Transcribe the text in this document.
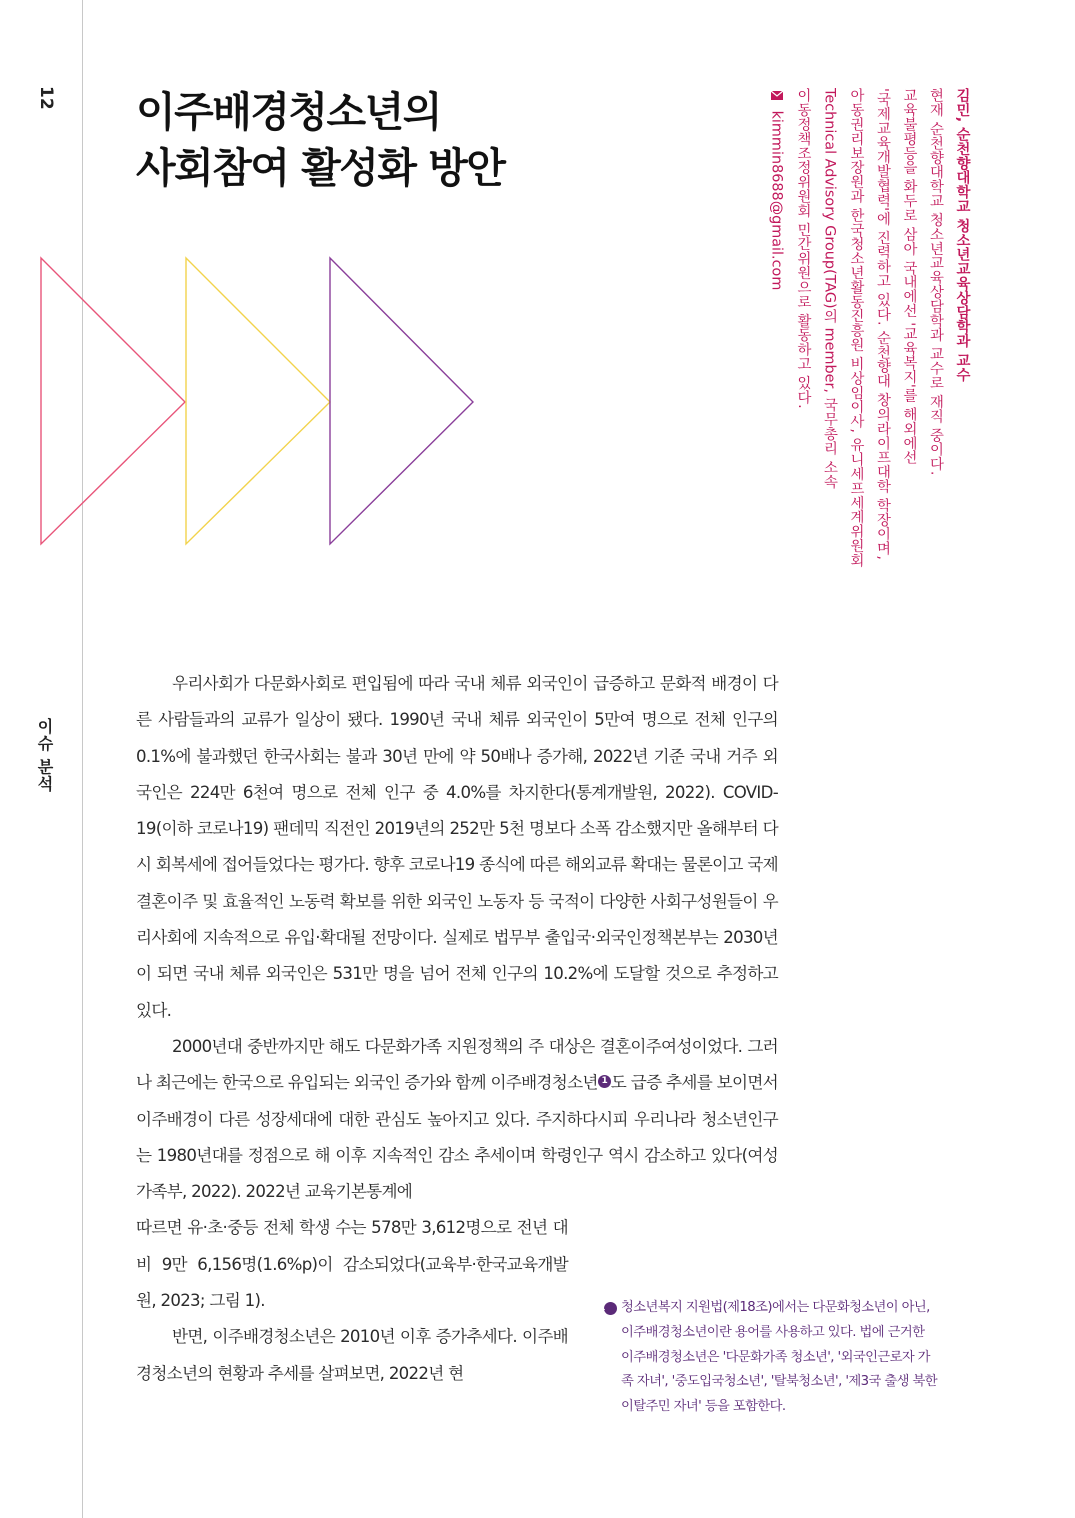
12
이슈 분석
이주배경청소년의
사회참여 활성화 방안
김민, 순천향대학교 청소년교육상담학과 교수
현재 순천향대학교 청소년교육상담학과 교수로 재직 중이다.
교육불평등을 화두로 삼아 국내에선 '교육복지'를 해외에선
'국제교육개발협력'에 진력하고 있다. 순천향대 창의라이프대학 학장이며,
아동권리보장원과 한국청소년활동진흥원 비상임이사, 유니세프세계위원회
Technical Advisory Group(TAG)의 member, 국무총리 소속
이동정책조정위원회 민간위원으로 활동하고 있다.
kimmin8688@gmail.com

우리사회가 다문화사회로 편입됨에 따라 국내 체류 외국인이 급증하고 문화적 배경이 다른 사람들과의 교류가 일상이 됐다. 1990년 국내 체류 외국인이 5만여 명으로 전체 인구의 0.1%에 불과했던 한국사회는 불과 30년 만에 약 50배나 증가해, 2022년 기준 국내 거주 외국인은 224만 6천여 명으로 전체 인구 중 4.0%를 차지한다(통계개발원, 2022). COVID-19(이하 코로나19) 팬데믹 직전인 2019년의 252만 5천 명보다 소폭 감소했지만 올해부터 다시 회복세에 접어들었다는 평가다. 향후 코로나19 종식에 따른 해외교류 확대는 물론이고 국제결혼이주 및 효율적인 노동력 확보를 위한 외국인 노동자 등 국적이 다양한 사회구성원들이 우리사회에 지속적으로 유입·확대될 전망이다. 실제로 법무부 출입국·외국인정책본부는 2030년이 되면 국내 체류 외국인은 531만 명을 넘어 전체 인구의 10.2%에 도달할 것으로 추정하고 있다.

2000년대 중반까지만 해도 다문화가족 지원정책의 주 대상은 결혼이주여성이었다. 그러나 최근에는 한국으로 유입되는 외국인 증가와 함께 이주배경청소년 1 도 급증 추세를 보이면서 이주배경이 다른 성장세대에 대한 관심도 높아지고 있다. 주지하다시피 우리나라 청소년인구는 1980년대를 정점으로 해 이후 지속적인 감소 추세이며 학령인구 역시 감소하고 있다(여성가족부, 2022). 2022년 교육기본통계에

따르면 유·초·중등 전체 학생 수는 578만 3,612명으로 전년 대비 9만 6,156명(1.6%p)이 감소되었다(교육부·한국교육개발원, 2023; 그림 1).

반면, 이주배경청소년은 2010년 이후 증가추세다. 이주배경청소년의 현황과 추세를 살펴보면, 2022년 현

1 청소년복지 지원법(제18조)에서는 다문화청소년이 아닌, 이주배경청소년이란 용어를 사용하고 있다. 법에 근거한 이주배경청소년은 '다문화가족 청소년', '외국인근로자 가족 자녀', '중도입국청소년', '탈북청소년', '제3국 출생 북한이탈주민 자녀' 등을 포함한다.
